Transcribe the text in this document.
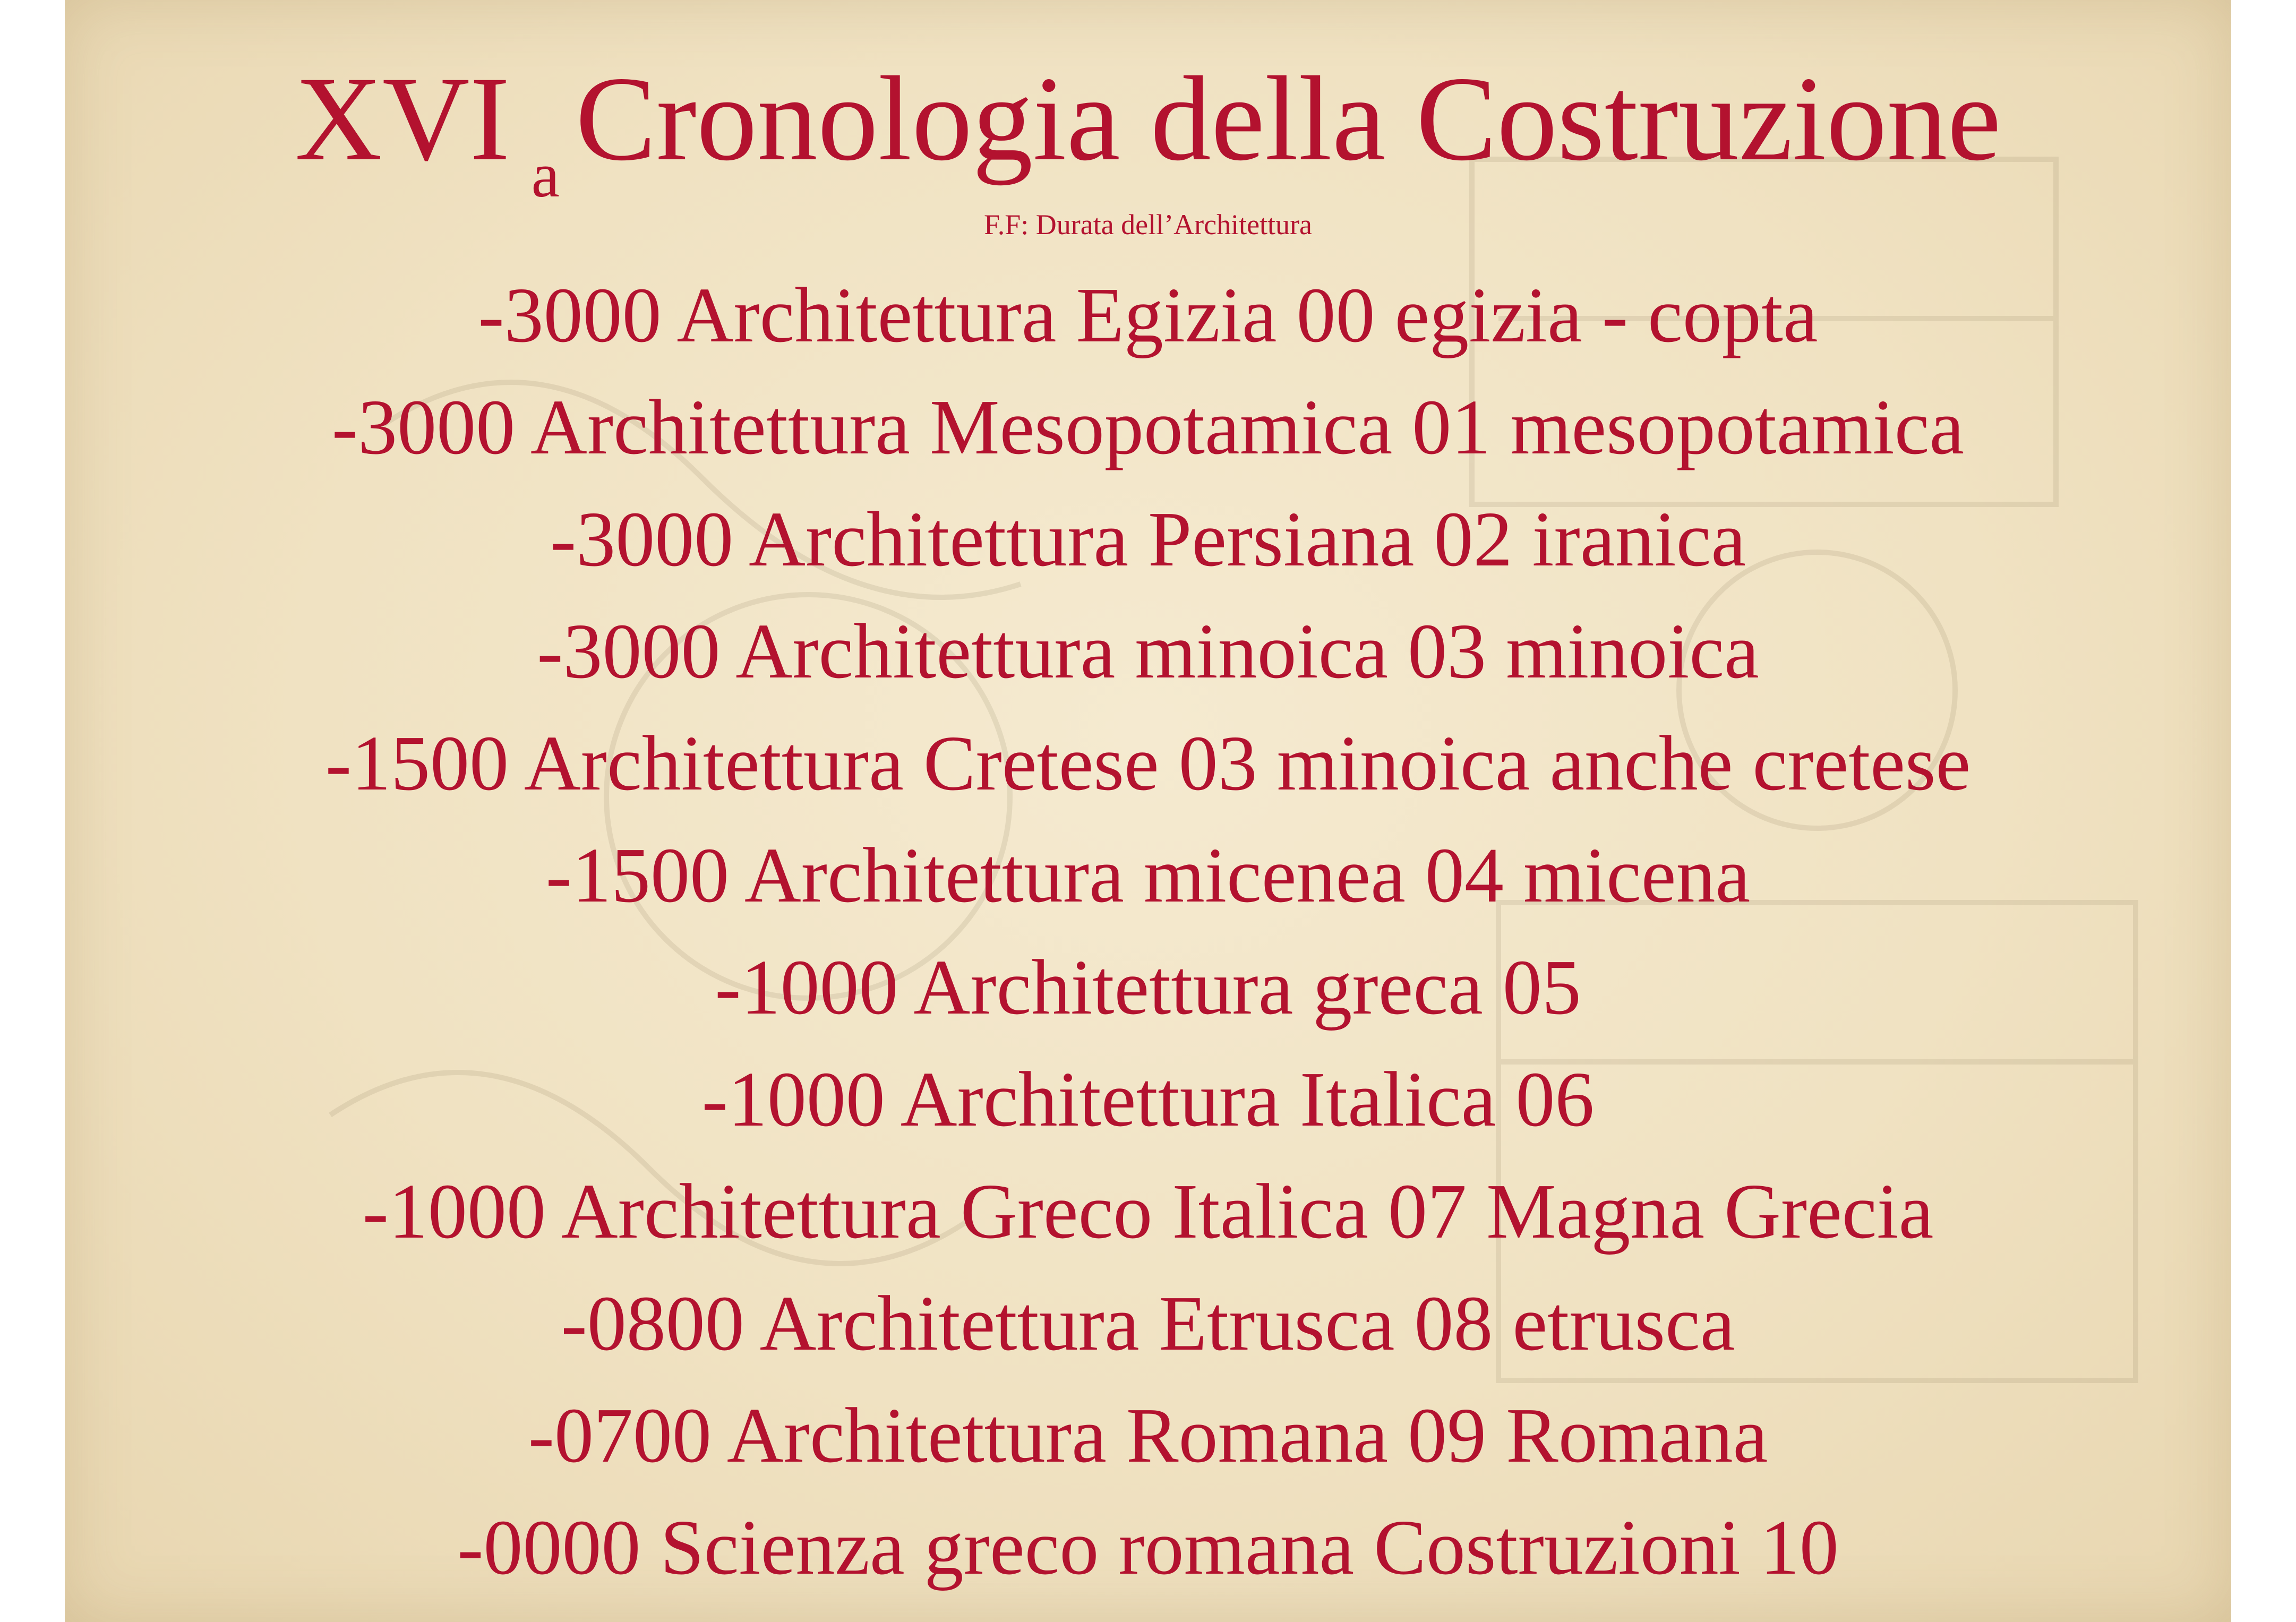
XVI a Cronologia della Costruzione
F.F: Durata dell’Architettura
-3000 Architettura Egizia 00 egizia - copta
-3000 Architettura Mesopotamica 01 mesopotamica
-3000 Architettura Persiana 02 iranica
-3000 Architettura minoica 03 minoica
-1500 Architettura Cretese 03 minoica anche cretese
-1500 Architettura micenea 04 micena
-1000 Architettura greca 05
-1000 Architettura Italica 06
-1000 Architettura Greco Italica 07 Magna Grecia
-0800 Architettura Etrusca 08 etrusca
-0700 Architettura Romana 09 Romana
-0000 Scienza greco romana Costruzioni 10
